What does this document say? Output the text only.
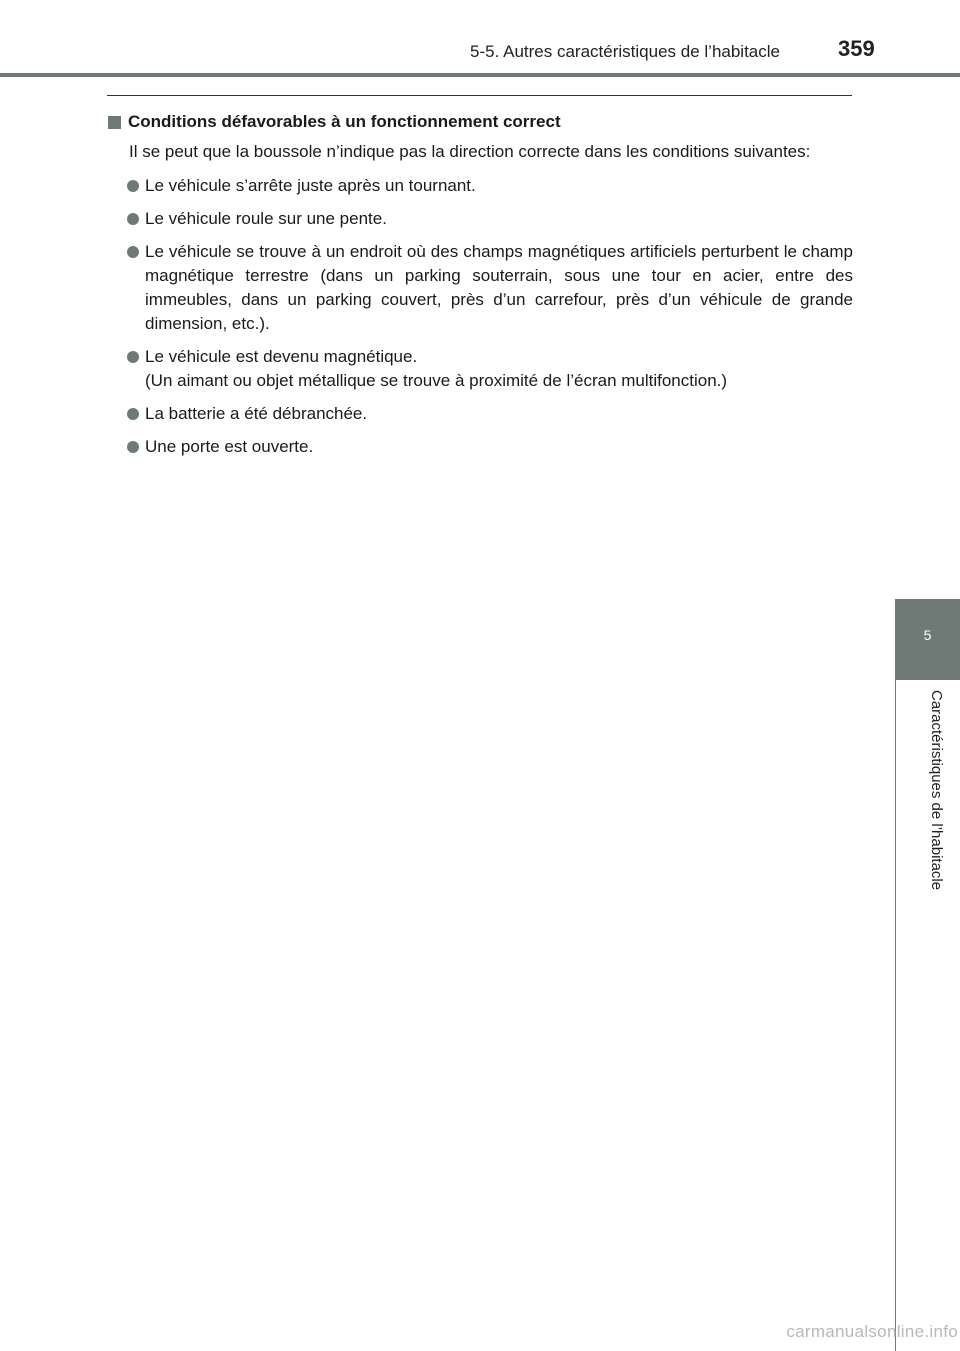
5-5. Autres caractéristiques de l’habitacle	359
5
Caractéristiques de l’habitacle
Conditions défavorables à un fonctionnement correct

Il se peut que la boussole n’indique pas la direction correcte dans les conditions suivantes:

Le véhicule s’arrête juste après un tournant.
Le véhicule roule sur une pente.
Le véhicule se trouve à un endroit où des champs magnétiques artificiels perturbent le champ magnétique terrestre (dans un parking souterrain, sous une tour en acier, entre des immeubles, dans un parking couvert, près d’un carrefour, près d’un véhicule de grande dimension, etc.).
Le véhicule est devenu magnétique.
(Un aimant ou objet métallique se trouve à proximité de l’écran multifonction.)
La batterie a été débranchée.
Une porte est ouverte.
carmanualsonline.info
